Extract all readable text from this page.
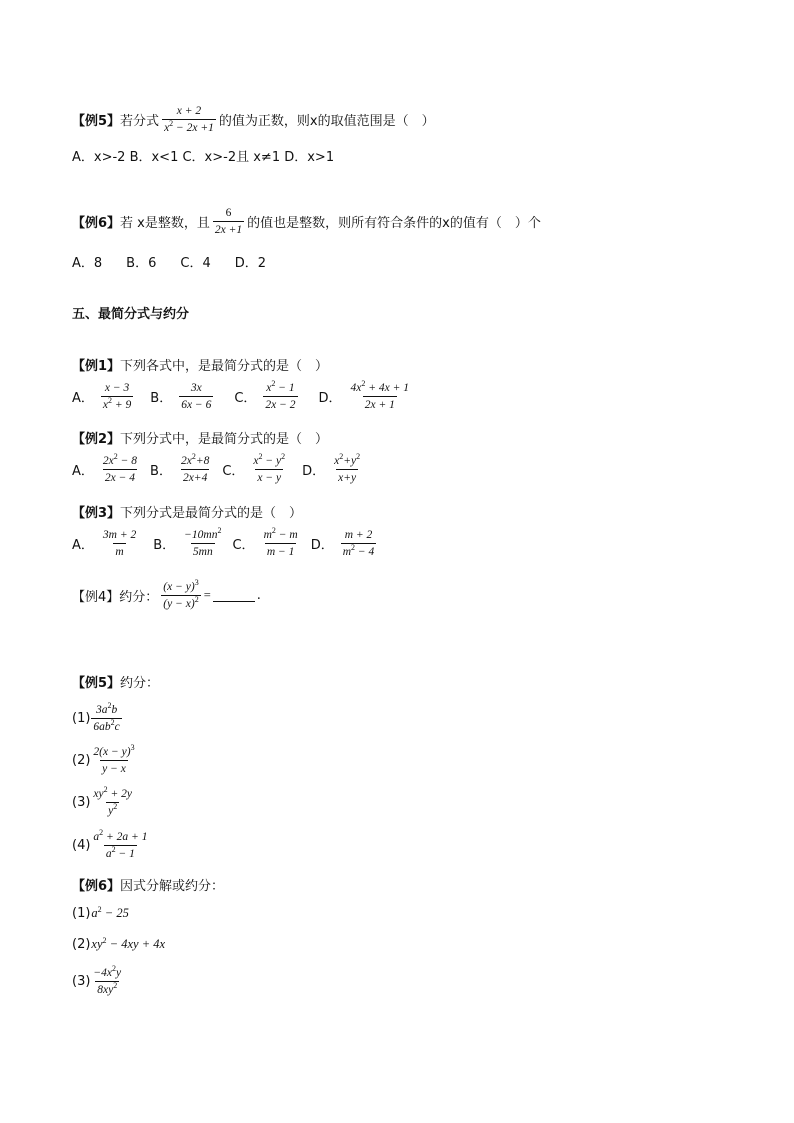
【例5】 若分式 $\frac{x + 2}{x^2 - 2x +1}$ 的值为正数，则x的取值范围是（　）
A．x>-2 B．x<1 C．x>-2且 x≠1 D．x>1
【例6】 若 x是整数，且 $\frac{6}{2x +1}$ 的值也是整数，则所有符合条件的x的值有（　）个
A．8 B．6 C．4 D．2
五、最简分式与约分
【例1】 下列各式中，是最简分式的是（　）
A． $\frac{x - 3}{x^2 + 9}$ B． $\frac{3x}{6x - 6}$ C． $\frac{x^2 - 1}{2x - 2}$ D． $\frac{4x^2 + 4x + 1}{2x + 1}$
【例2】 下列分式中，是最简分式的是（　）
A． $\frac{2x^2 - 8}{2x - 4}$ B． $\frac{2x^2+8}{2x+4}$ C． $\frac{x^2 - y^2}{x - y}$ D． $\frac{x^2+y^2}{x+y}$
【例3】 下列分式是最简分式的是（　）
A． $\frac{3m + 2}{m}$ B． $\frac{-10mn^2}{5mn}$ C． $\frac{m^2 - m}{m - 1}$ D． $\frac{m + 2}{m^2 - 4}$
【例4】 约分： $\frac{(x - y)^3}{(y - x)^2}$ =	.
【例5】 约分：
$(1) \frac{3a^2b}{6ab^2c}$
$(2) \frac{2(x - y)^3}{y - x}$
$(3) \frac{xy^2 + 2y}{y^2}$
$(4) \frac{a^2 + 2a + 1}{a^2 - 1}$
【例6】 因式分解或约分：
(1) $a^2 - 25$
(2) $xy^2 - 4xy + 4x$
$(3) \frac{-4x^2y}{8xy^2}$
